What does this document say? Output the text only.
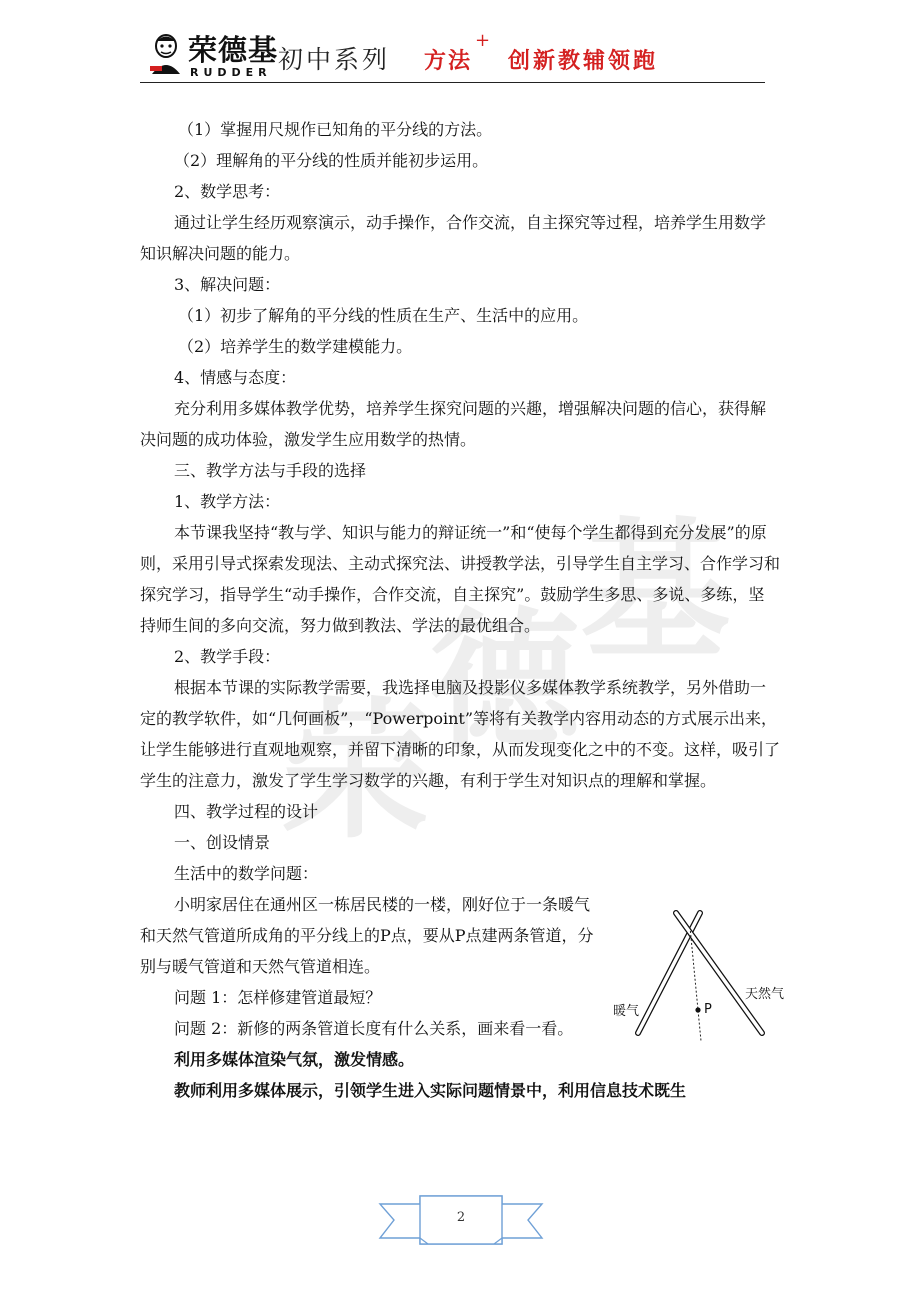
荣
德
基
荣德基
RUDDER 初中系列 方法
+
创新教辅领跑

（1）掌握用尺规作已知角的平分线的方法。

（2）理解角的平分线的性质并能初步运用。

2、数学思考：

通过让学生经历观察演示，动手操作，合作交流，自主探究等过程，培养学生用数学知识解决问题的能力。

3、解决问题：

（1）初步了解角的平分线的性质在生产、生活中的应用。

（2）培养学生的数学建模能力。

4、情感与态度：

充分利用多媒体教学优势，培养学生探究问题的兴趣，增强解决问题的信心，获得解决问题的成功体验，激发学生应用数学的热情。

三、教学方法与手段的选择

1、教学方法：

本节课我坚持“教与学、知识与能力的辩证统一”和“使每个学生都得到充分发展”的原则，采用引导式探索发现法、主动式探究法、讲授教学法，引导学生自主学习、合作学习和探究学习，指导学生“动手操作，合作交流，自主探究”。鼓励学生多思、多说、多练，坚持师生间的多向交流，努力做到教法、学法的最优组合。

2、教学手段：

根据本节课的实际教学需要，我选择电脑及投影仪多媒体教学系统教学，另外借助一定的教学软件，如“几何画板”，“Powerpoint”等将有关教学内容用动态的方式展示出来，让学生能够进行直观地观察，并留下清晰的印象，从而发现变化之中的不变。这样，吸引了学生的注意力，激发了学生学习数学的兴趣，有利于学生对知识点的理解和掌握。

四、教学过程的设计

一、创设情景

生活中的数学问题：

小明家居住在通州区一栋居民楼的一楼，刚好位于一条暖气和天然气管道所成角的平分线上的P点，要从P点建两条管道，分别与暖气管道和天然气管道相连。

问题 1：怎样修建管道最短？

问题 2：新修的两条管道长度有什么关系，画来看一看。

利用多媒体渲染气氛，激发情感。

教师利用多媒体展示，引领学生进入实际问题情景中，利用信息技术既生

暖气
天然气
P
2
